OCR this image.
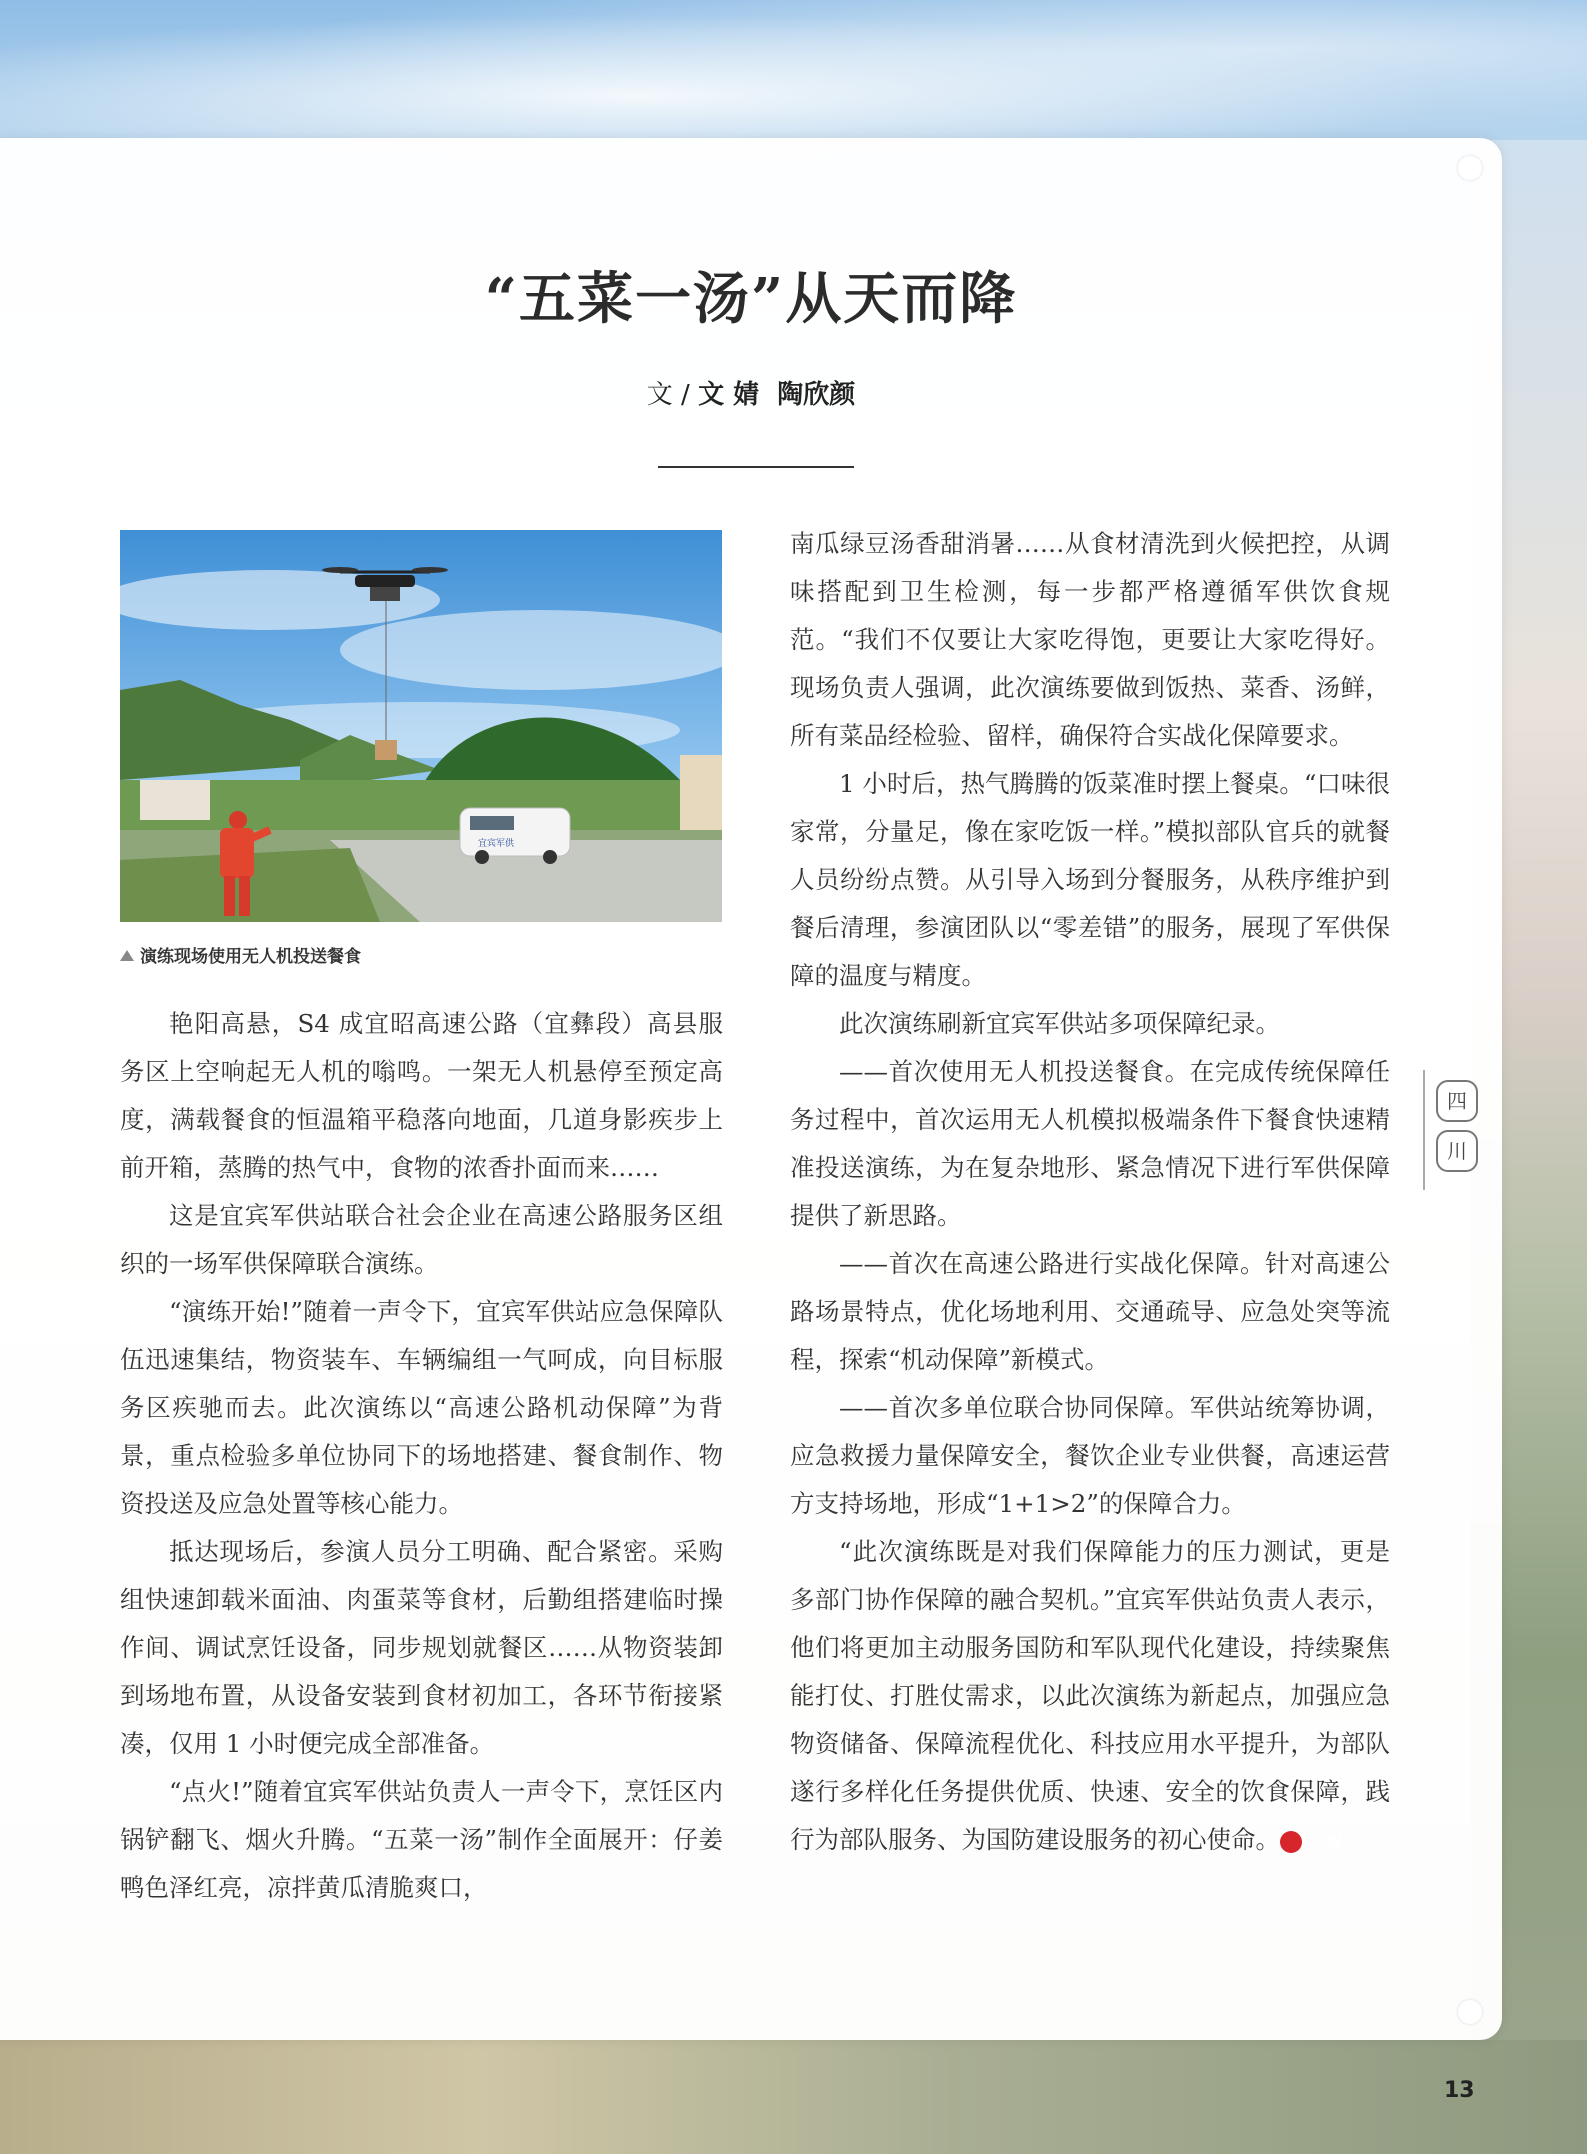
“五菜一汤”从天而降
文 / 文 婧  陶欣颜
宜宾军供
演练现场使用无人机投送餐食

艳阳高悬，S4 成宜昭高速公路（宜彝段）高县服务区上空响起无人机的嗡鸣。一架无人机悬停至预定高度，满载餐食的恒温箱平稳落向地面，几道身影疾步上前开箱，蒸腾的热气中，食物的浓香扑面而来……

这是宜宾军供站联合社会企业在高速公路服务区组织的一场军供保障联合演练。

“演练开始!”随着一声令下，宜宾军供站应急保障队伍迅速集结，物资装车、车辆编组一气呵成，向目标服务区疾驰而去。此次演练以“高速公路机动保障”为背景，重点检验多单位协同下的场地搭建、餐食制作、物资投送及应急处置等核心能力。

抵达现场后，参演人员分工明确、配合紧密。采购组快速卸载米面油、肉蛋菜等食材，后勤组搭建临时操作间、调试烹饪设备，同步规划就餐区……从物资装卸到场地布置，从设备安装到食材初加工，各环节衔接紧凑，仅用 1 小时便完成全部准备。

“点火!”随着宜宾军供站负责人一声令下，烹饪区内锅铲翻飞、烟火升腾。“五菜一汤”制作全面展开：仔姜鸭色泽红亮，凉拌黄瓜清脆爽口，

南瓜绿豆汤香甜消暑……从食材清洗到火候把控，从调味搭配到卫生检测，每一步都严格遵循军供饮食规范。“我们不仅要让大家吃得饱，更要让大家吃得好。现场负责人强调，此次演练要做到饭热、菜香、汤鲜，所有菜品经检验、留样，确保符合实战化保障要求。

1 小时后，热气腾腾的饭菜准时摆上餐桌。“口味很家常，分量足，像在家吃饭一样。”模拟部队官兵的就餐人员纷纷点赞。从引导入场到分餐服务，从秩序维护到餐后清理，参演团队以“零差错”的服务，展现了军供保障的温度与精度。

此次演练刷新宜宾军供站多项保障纪录。

——首次使用无人机投送餐食。在完成传统保障任务过程中，首次运用无人机模拟极端条件下餐食快速精准投送演练，为在复杂地形、紧急情况下进行军供保障提供了新思路。

——首次在高速公路进行实战化保障。针对高速公路场景特点，优化场地利用、交通疏导、应急处突等流程，探索“机动保障”新模式。

——首次多单位联合协同保障。军供站统筹协调，应急救援力量保障安全，餐饮企业专业供餐，高速运营方支持场地，形成“1+1>2”的保障合力。

“此次演练既是对我们保障能力的压力测试，更是多部门协作保障的融合契机。”宜宾军供站负责人表示，他们将更加主动服务国防和军队现代化建设，持续聚焦能打仗、打胜仗需求，以此次演练为新起点，加强应急物资储备、保障流程优化、科技应用水平提升，为部队遂行多样化任务提供优质、快速、安全的饮食保障，践行为部队服务、为国防建设服务的初心使命。	N

四
川
13
